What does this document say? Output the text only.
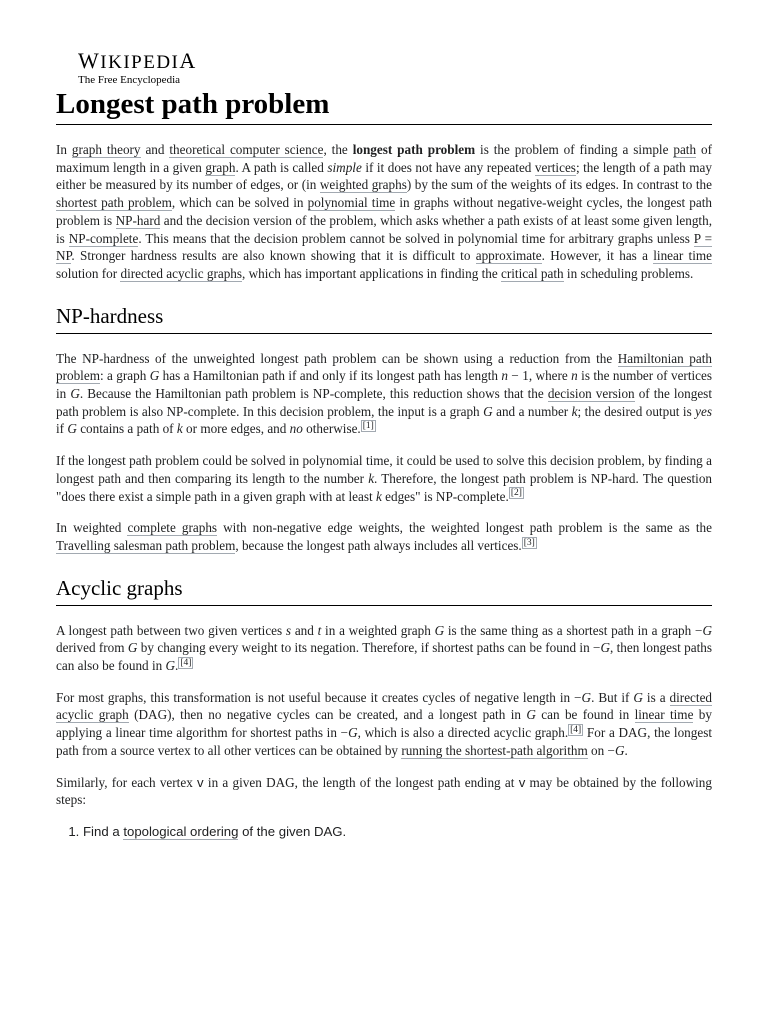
WIKIPEDIA
The Free Encyclopedia
Longest path problem

In graph theory and theoretical computer science, the longest path problem is the problem of finding a simple path of maximum length in a given graph. A path is called simple if it does not have any repeated vertices; the length of a path may either be measured by its number of edges, or (in weighted graphs) by the sum of the weights of its edges. In contrast to the shortest path problem, which can be solved in polynomial time in graphs without negative-weight cycles, the longest path problem is NP-hard and the decision version of the problem, which asks whether a path exists of at least some given length, is NP-complete. This means that the decision problem cannot be solved in polynomial time for arbitrary graphs unless P = NP. Stronger hardness results are also known showing that it is difficult to approximate. However, it has a linear time solution for directed acyclic graphs, which has important applications in finding the critical path in scheduling problems.

NP-hardness

The NP-hardness of the unweighted longest path problem can be shown using a reduction from the Hamiltonian path problem: a graph G has a Hamiltonian path if and only if its longest path has length n − 1, where n is the number of vertices in G. Because the Hamiltonian path problem is NP-complete, this reduction shows that the decision version of the longest path problem is also NP-complete. In this decision problem, the input is a graph G and a number k; the desired output is yes if G contains a path of k or more edges, and no otherwise. [1]

If the longest path problem could be solved in polynomial time, it could be used to solve this decision problem, by finding a longest path and then comparing its length to the number k. Therefore, the longest path problem is NP-hard. The question "does there exist a simple path in a given graph with at least k edges" is NP-complete. [2]

In weighted complete graphs with non-negative edge weights, the weighted longest path problem is the same as the Travelling salesman path problem, because the longest path always includes all vertices. [3]

Acyclic graphs

A longest path between two given vertices s and t in a weighted graph G is the same thing as a shortest path in a graph −G derived from G by changing every weight to its negation. Therefore, if shortest paths can be found in −G, then longest paths can also be found in G. [4]

For most graphs, this transformation is not useful because it creates cycles of negative length in −G. But if G is a directed acyclic graph (DAG), then no negative cycles can be created, and a longest path in G can be found in linear time by applying a linear time algorithm for shortest paths in −G, which is also a directed acyclic graph. [4] For a DAG, the longest path from a source vertex to all other vertices can be obtained by running the shortest-path algorithm on −G.

Similarly, for each vertex v in a given DAG, the length of the longest path ending at v may be obtained by the following steps:

1. Find a topological ordering of the given DAG.
